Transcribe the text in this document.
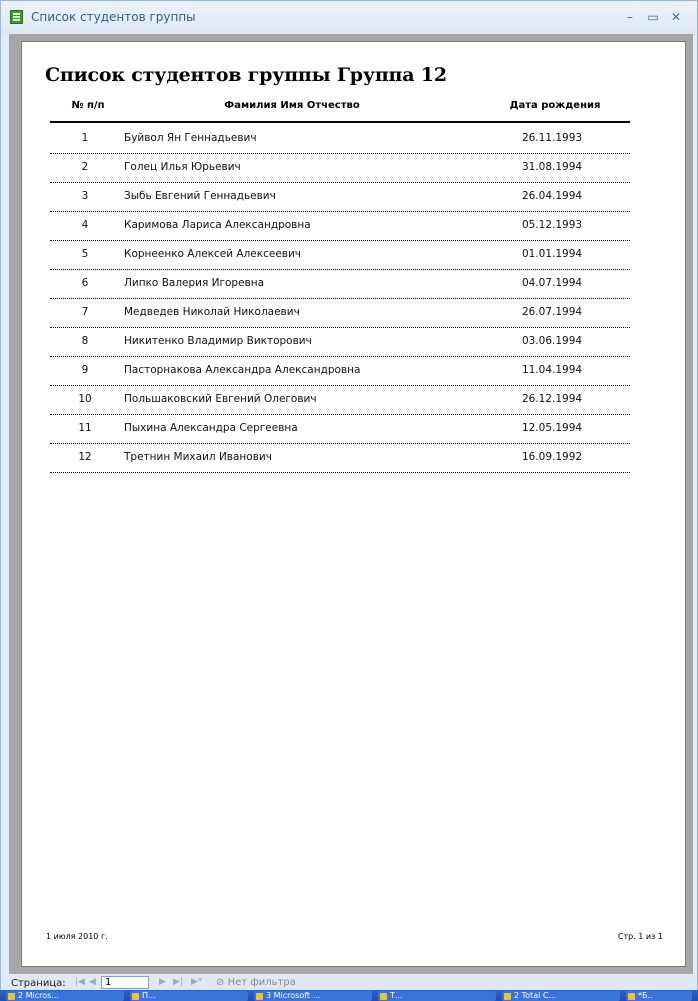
Список студентов группы	–	▭	✕
Список студентов группы Группа 12
№ п/п	Фамилия Имя Отчество	Дата рождения
1	Буйвол Ян Геннадьевич	26.11.1993
2	Голец Илья Юрьевич	31.08.1994
3	Зыбь Евгений Геннадьевич	26.04.1994
4	Каримова Лариса Александровна	05.12.1993
5	Корнеенко Алексей Алексеевич	01.01.1994
6	Липко Валерия Игоревна	04.07.1994
7	Медведев Николай Николаевич	26.07.1994
8	Никитенко Владимир Викторович	03.06.1994
9	Пасторнакова Александра Александровна	11.04.1994
10	Польшаковский Евгений Олегович	26.12.1994
11	Пыхина Александра Сергеевна	12.05.1994
12	Третнин Михаил Иванович	16.09.1992
1 июля 2010 г.	Стр. 1 из 1
Страница: |◀ ◀
1	▶ ▶| ▶* ⊘ Нет фильтра
2 Micros...	П...	3 Microsoft ...	Т...	2 Total C...	*Б..
